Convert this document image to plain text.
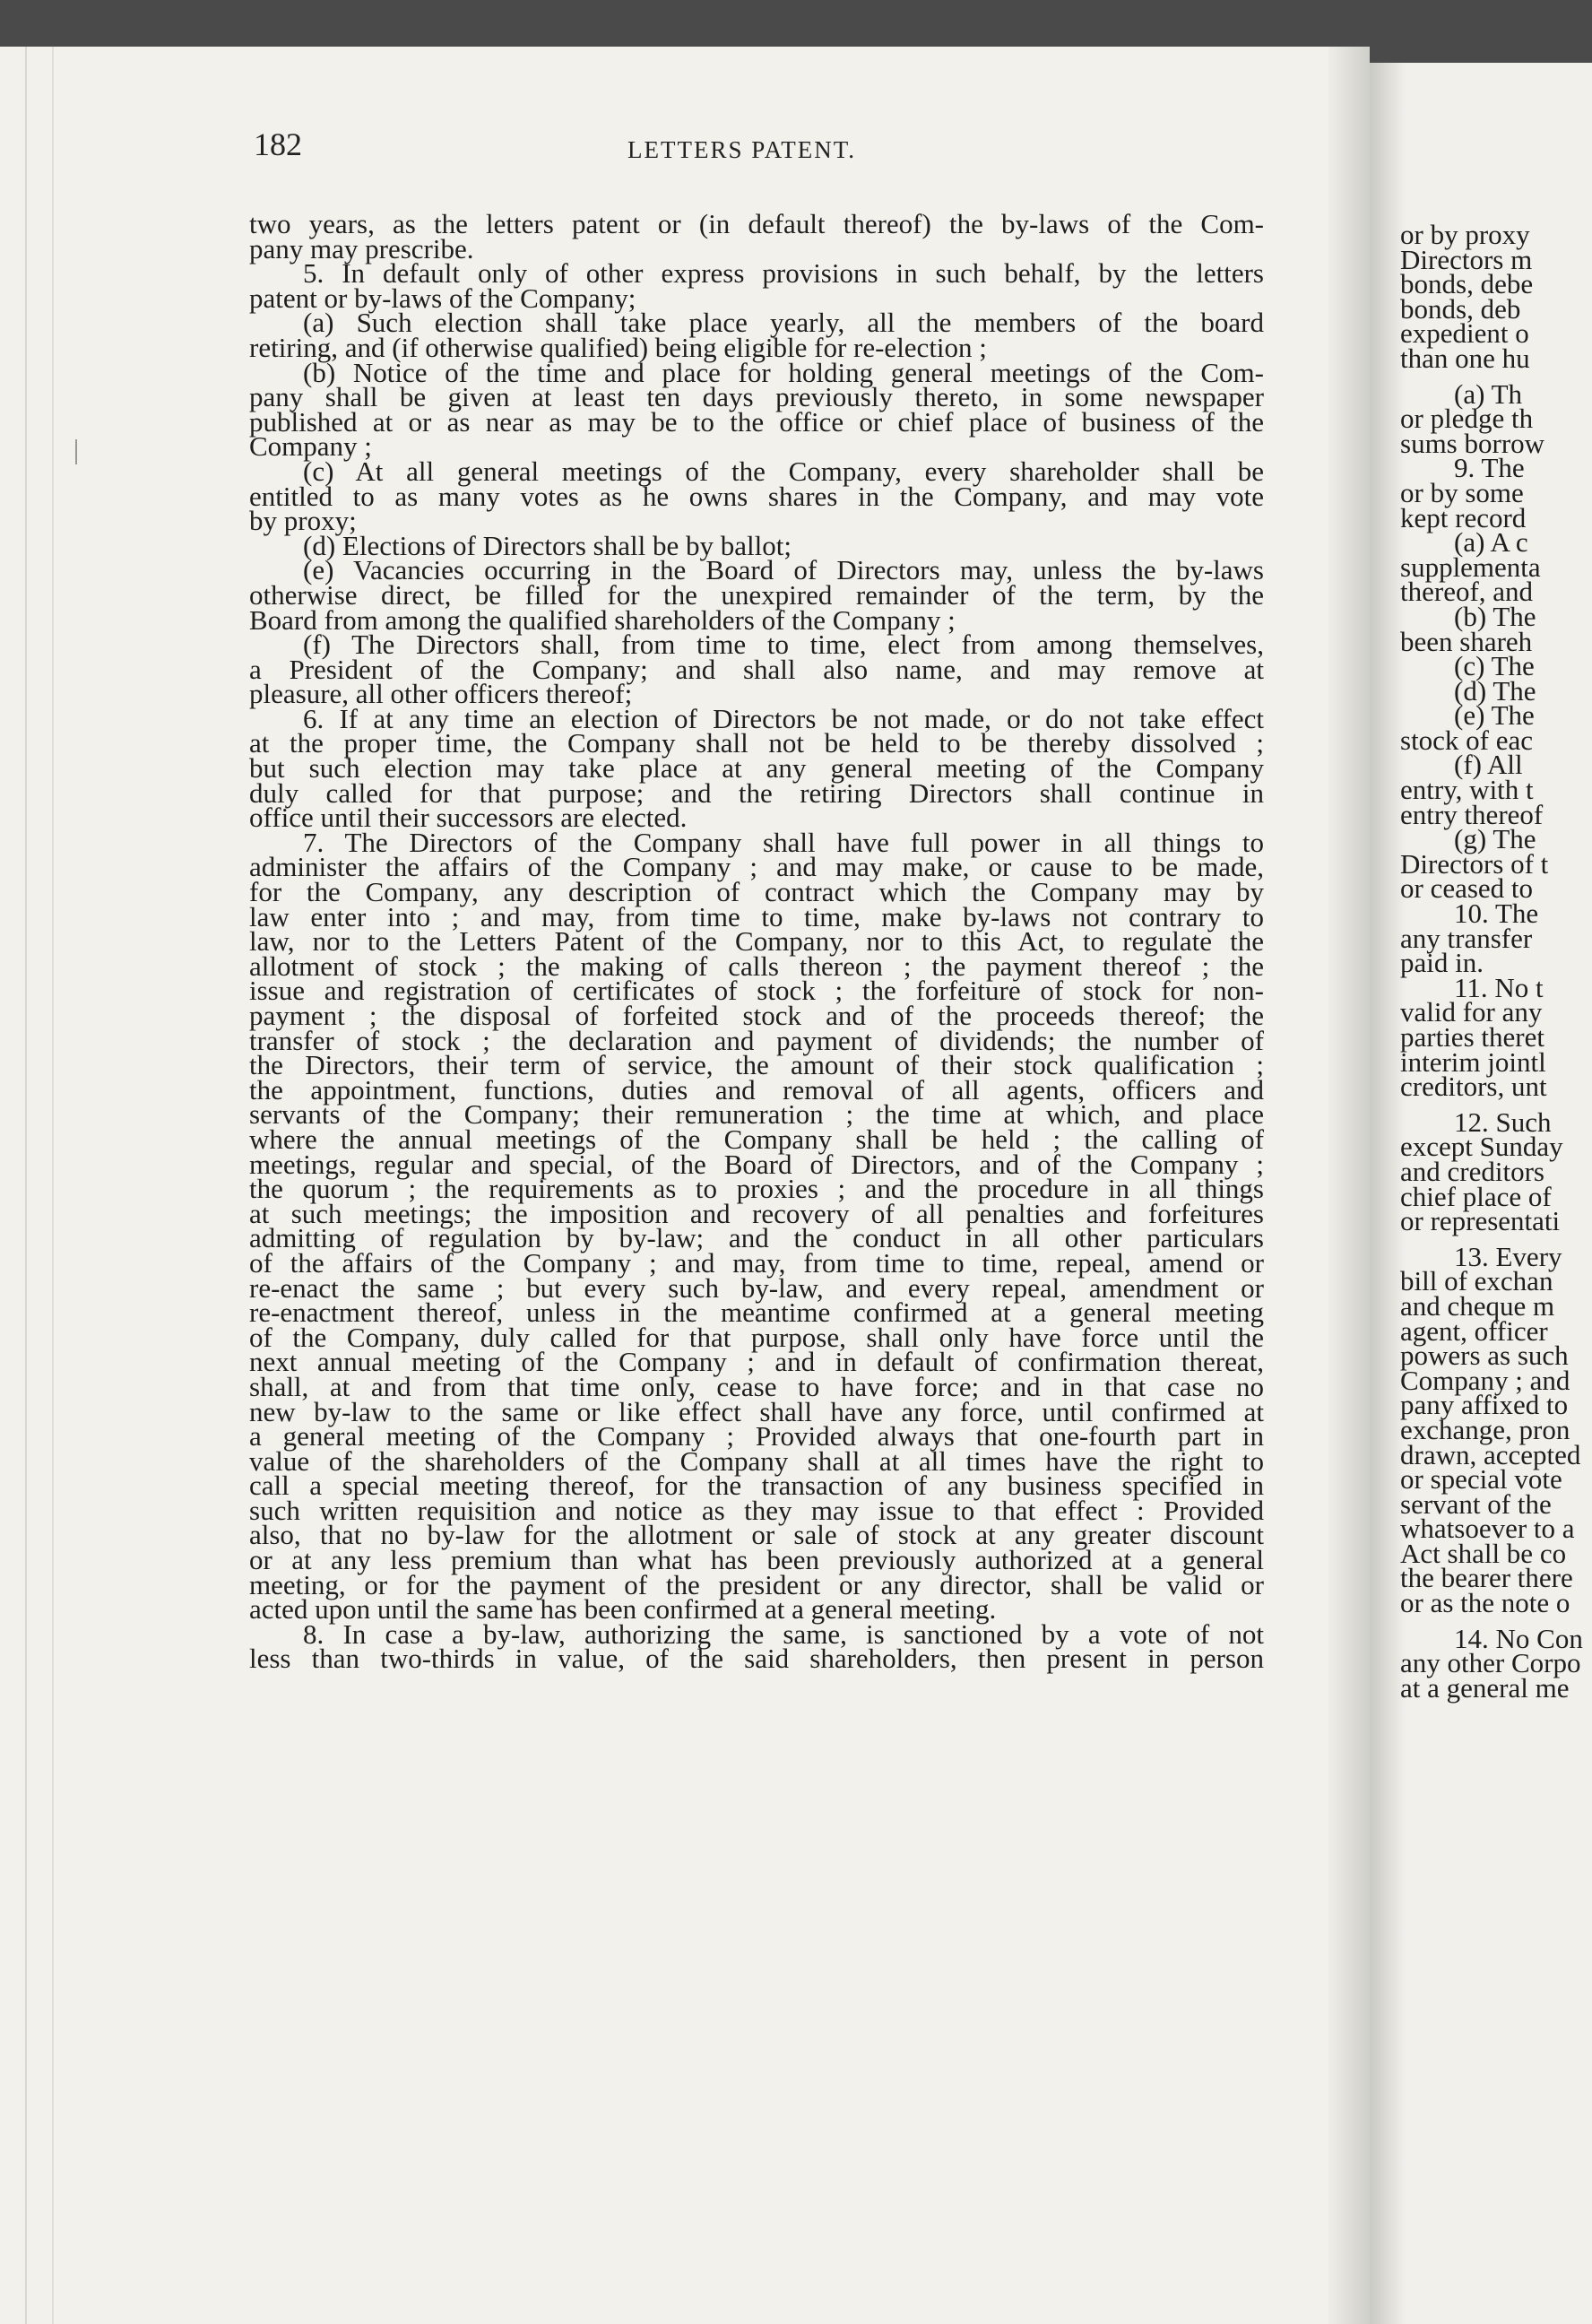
182	LETTERS PATENT.
two years, as the letters patent or (in default thereof) the by-laws of the Com-
pany may prescribe.
5. In default only of other express provisions in such behalf, by the letters
patent or by-laws of the Company;
(a) Such election shall take place yearly, all the members of the board
retiring, and (if otherwise qualified) being eligible for re-election ;
(b) Notice of the time and place for holding general meetings of the Com-
pany shall be given at least ten days previously thereto, in some newspaper
published at or as near as may be to the office or chief place of business of the
Company ;
(c) At all general meetings of the Company, every shareholder shall be
entitled to as many votes as he owns shares in the Company, and may vote
by proxy;
(d) Elections of Directors shall be by ballot;
(e) Vacancies occurring in the Board of Directors may, unless the by-laws
otherwise direct, be filled for the unexpired remainder of the term, by the
Board from among the qualified shareholders of the Company ;
(f) The Directors shall, from time to time, elect from among themselves,
a President of the Company; and shall also name, and may remove at
pleasure, all other officers thereof;
6. If at any time an election of Directors be not made, or do not take effect
at the proper time, the Company shall not be held to be thereby dissolved ;
but such election may take place at any general meeting of the Company
duly called for that purpose; and the retiring Directors shall continue in
office until their successors are elected.
7. The Directors of the Company shall have full power in all things to
administer the affairs of the Company ; and may make, or cause to be made,
for the Company, any description of contract which the Company may by
law enter into ; and may, from time to time, make by-laws not contrary to
law, nor to the Letters Patent of the Company, nor to this Act, to regulate the
allotment of stock ; the making of calls thereon ; the payment thereof ; the
issue and registration of certificates of stock ; the forfeiture of stock for non-
payment ; the disposal of forfeited stock and of the proceeds thereof; the
transfer of stock ; the declaration and payment of dividends; the number of
the Directors, their term of service, the amount of their stock qualification ;
the appointment, functions, duties and removal of all agents, officers and
servants of the Company; their remuneration ; the time at which, and place
where the annual meetings of the Company shall be held ; the calling of
meetings, regular and special, of the Board of Directors, and of the Company ;
the quorum ; the requirements as to proxies ; and the procedure in all things
at such meetings; the imposition and recovery of all penalties and forfeitures
admitting of regulation by by-law; and the conduct in all other particulars
of the affairs of the Company ; and may, from time to time, repeal, amend or
re-enact the same ; but every such by-law, and every repeal, amendment or
re-enactment thereof, unless in the meantime confirmed at a general meeting
of the Company, duly called for that purpose, shall only have force until the
next annual meeting of the Company ; and in default of confirmation thereat,
shall, at and from that time only, cease to have force; and in that case no
new by-law to the same or like effect shall have any force, until confirmed at
a general meeting of the Company ; Provided always that one-fourth part in
value of the shareholders of the Company shall at all times have the right to
call a special meeting thereof, for the transaction of any business specified in
such written requisition and notice as they may issue to that effect : Provided
also, that no by-law for the allotment or sale of stock at any greater discount
or at any less premium than what has been previously authorized at a general
meeting, or for the payment of the president or any director, shall be valid or
acted upon until the same has been confirmed at a general meeting.
8. In case a by-law, authorizing the same, is sanctioned by a vote of not
less than two-thirds in value, of the said shareholders, then present in person
or by proxy
Directors m
bonds, debe
bonds, deb
expedient o
than one hu
(a) Th
or pledge th
sums borrow
9. The
or by some
kept record
(a) A c
supplementa
thereof, and
(b) The
been shareh
(c) The
(d) The
(e) The
stock of eac
(f) All
entry, with t
entry thereof
(g) The
Directors of t
or ceased to
10. The
any transfer
paid in.
11. No t
valid for any
parties theret
interim jointl
creditors, unt
12. Such
except Sunday
and creditors
chief place of
or representati
13. Every
bill of exchan
and cheque m
agent, officer
powers as such
Company ; and
pany affixed to
exchange, pron
drawn, accepted
or special vote
servant of the
whatsoever to a
Act shall be co
the bearer there
or as the note o
14. No Con
any other Corpo
at a general me
